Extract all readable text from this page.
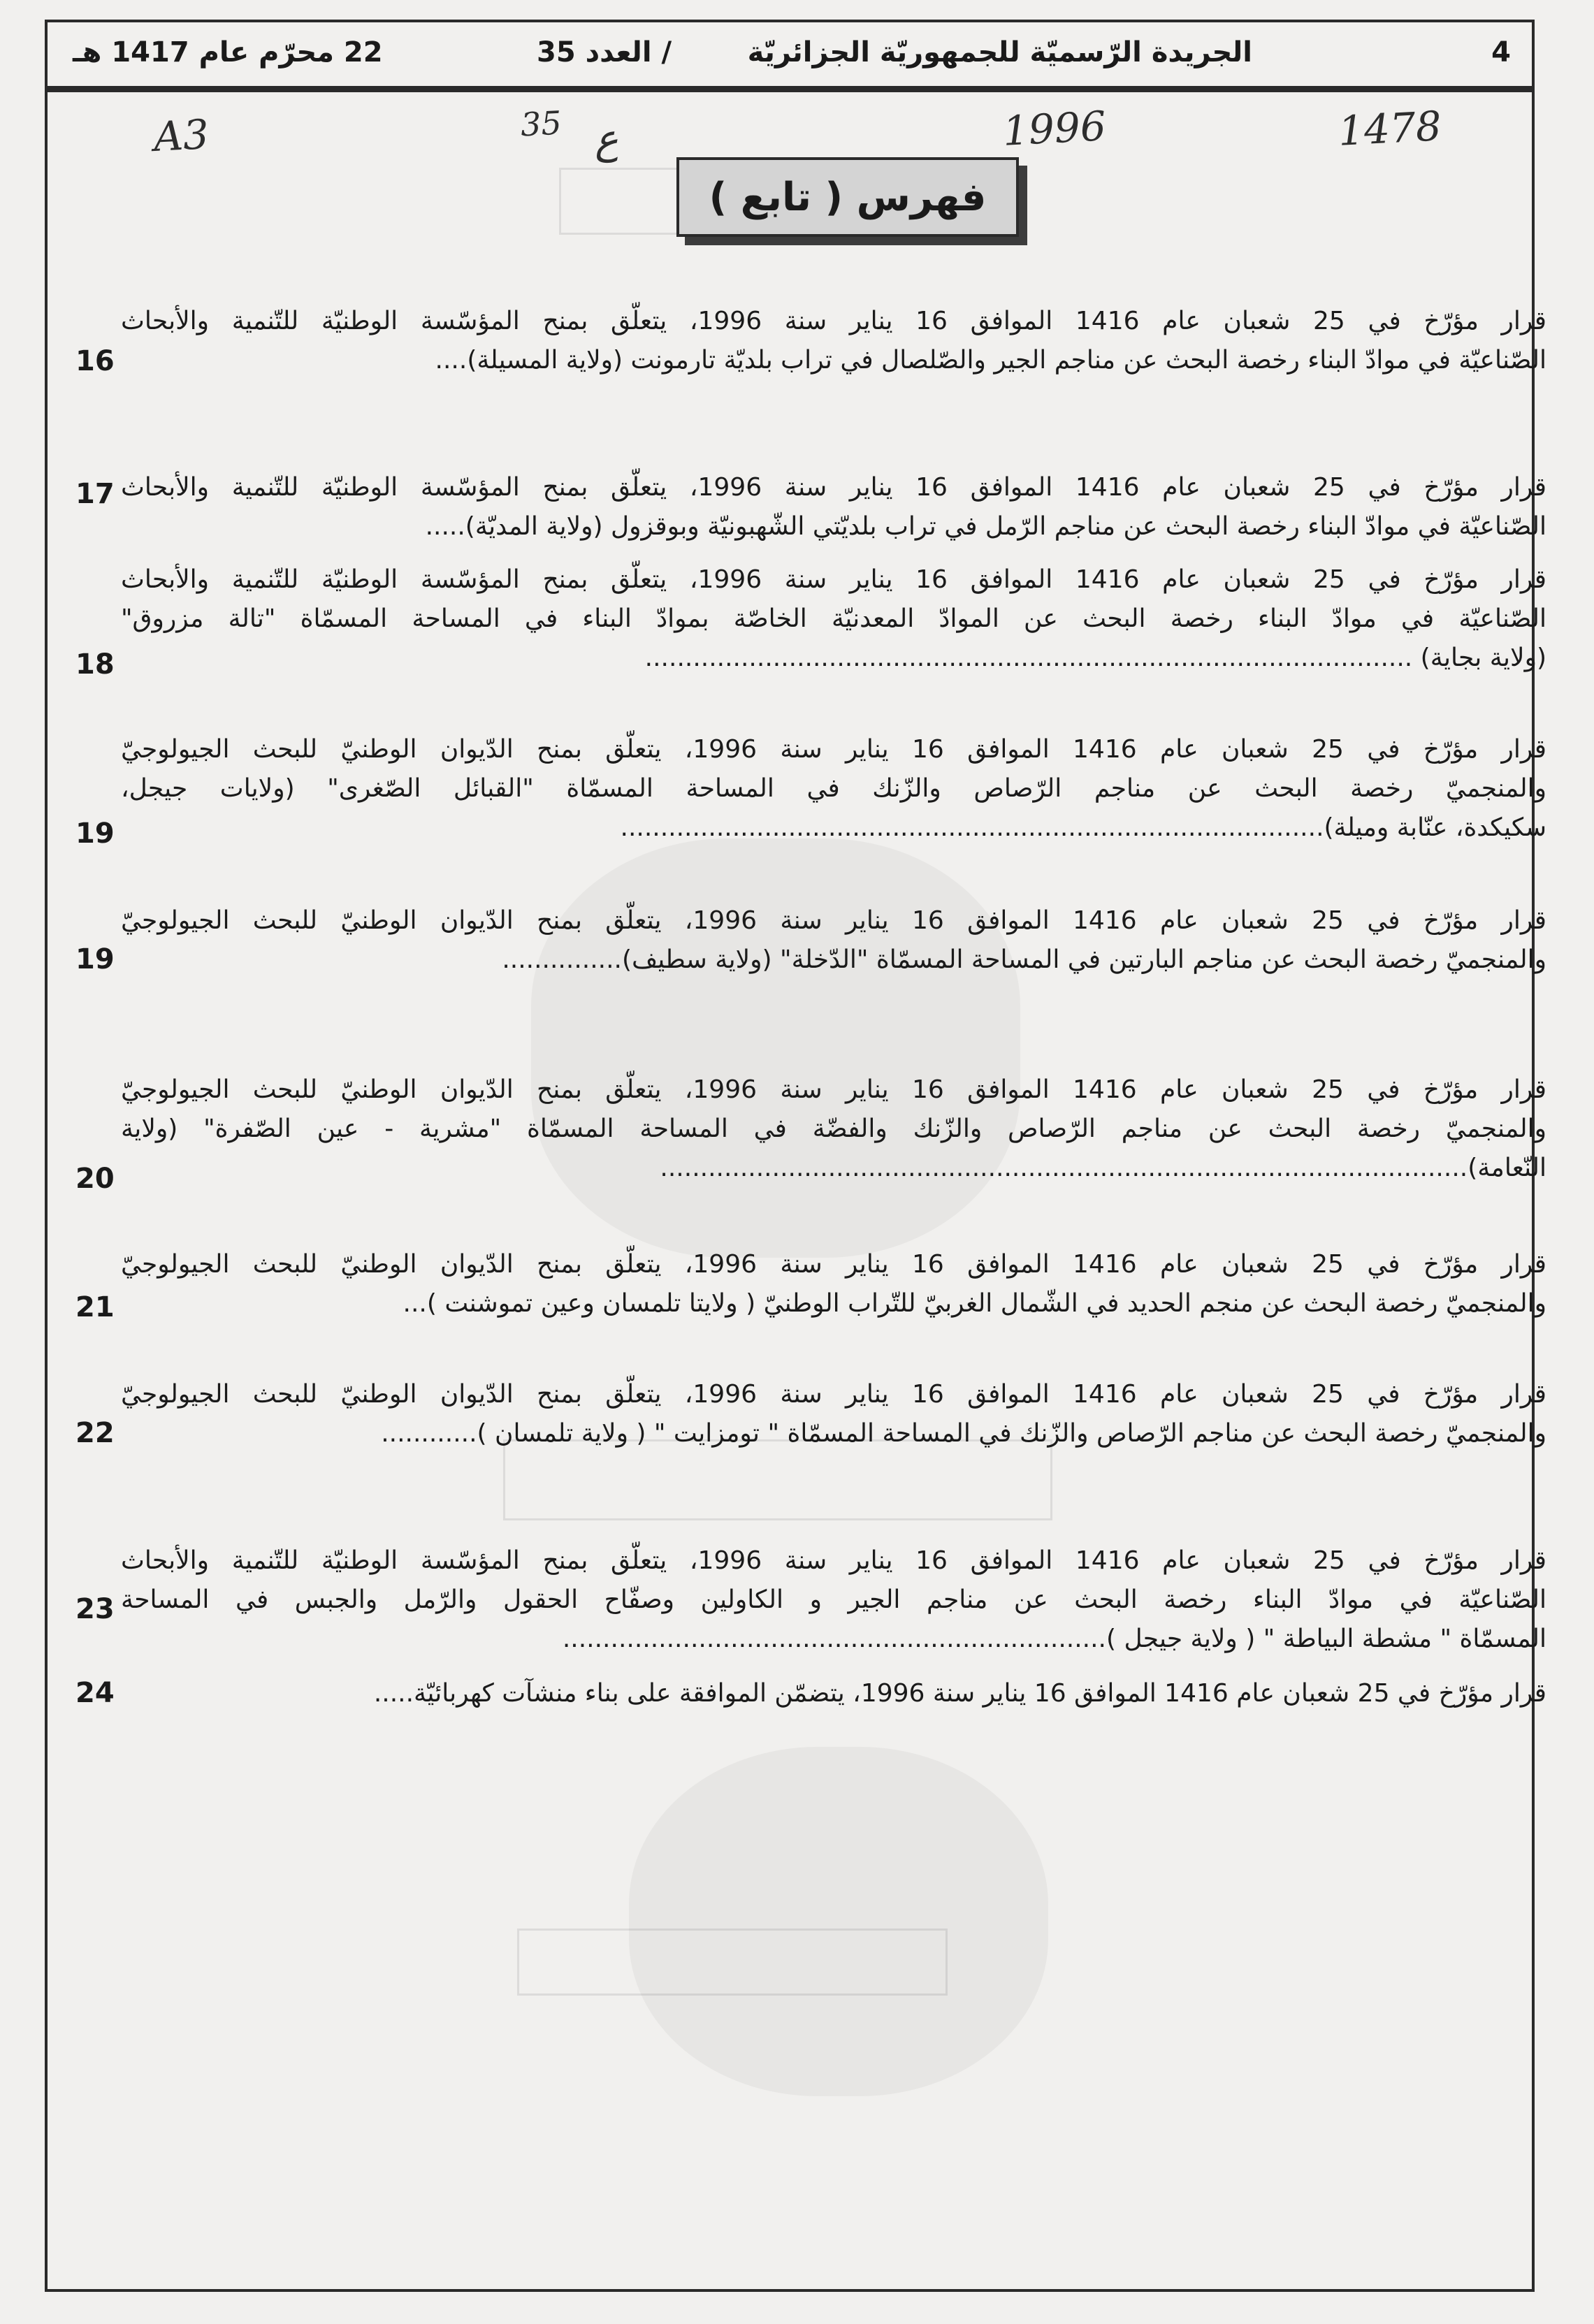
4
الجريدة الرّسميّة للجمهوريّة الجزائريّة
/ العدد 35
22 محرّم عام 1417 هـ
A3	35 ع	1996	1478
فهرس ( تابع )
قرار مؤرّخ في 25 شعبان عام 1416 الموافق 16 يناير سنة 1996، يتعلّق بمنح المؤسّسة الوطنيّة للتّنمية والأبحاث
الصّناعيّة في موادّ البناء رخصة البحث عن مناجم الجير والصّلصال في تراب بلديّة تارمونت (ولاية المسيلة)....
16
قرار مؤرّخ في 25 شعبان عام 1416 الموافق 16 يناير سنة 1996، يتعلّق بمنح المؤسّسة الوطنيّة للتّنمية والأبحاث
الصّناعيّة في موادّ البناء رخصة البحث عن مناجم الرّمل في تراب بلديّتي الشّهبونيّة وبوقزول (ولاية المديّة).....
17
قرار مؤرّخ في 25 شعبان عام 1416 الموافق 16 يناير سنة 1996، يتعلّق بمنح المؤسّسة الوطنيّة للتّنمية والأبحاث
الصّناعيّة في موادّ البناء رخصة البحث عن الموادّ المعدنيّة الخاصّة بموادّ البناء في المساحة المسمّاة "تالة مزروق"
(ولاية بجاية) ................................................................................................
18
قرار مؤرّخ في 25 شعبان عام 1416 الموافق 16 يناير سنة 1996، يتعلّق بمنح الدّيوان الوطنيّ للبحث الجيولوجيّ
والمنجميّ رخصة البحث عن مناجم الرّصاص والزّنك في المساحة المسمّاة "القبائل الصّغرى" (ولايات جيجل،
سكيكدة، عنّابة وميلة)........................................................................................
19
قرار مؤرّخ في 25 شعبان عام 1416 الموافق 16 يناير سنة 1996، يتعلّق بمنح الدّيوان الوطنيّ للبحث الجيولوجيّ
والمنجميّ رخصة البحث عن مناجم البارتين في المساحة المسمّاة "الدّخلة" (ولاية سطيف)...............
19
قرار مؤرّخ في 25 شعبان عام 1416 الموافق 16 يناير سنة 1996، يتعلّق بمنح الدّيوان الوطنيّ للبحث الجيولوجيّ
والمنجميّ رخصة البحث عن مناجم الرّصاص والزّنك والفضّة في المساحة المسمّاة "مشرية - عين الصّفرة" (ولاية
النّعامة).....................................................................................................
20
قرار مؤرّخ في 25 شعبان عام 1416 الموافق 16 يناير سنة 1996، يتعلّق بمنح الدّيوان الوطنيّ للبحث الجيولوجيّ
والمنجميّ رخصة البحث عن منجم الحديد في الشّمال الغربيّ للتّراب الوطنيّ ( ولايتا تلمسان وعين تموشنت )...
21
قرار مؤرّخ في 25 شعبان عام 1416 الموافق 16 يناير سنة 1996، يتعلّق بمنح الدّيوان الوطنيّ للبحث الجيولوجيّ
والمنجميّ رخصة البحث عن مناجم الرّصاص والزّنك في المساحة المسمّاة " تومزايت " ( ولاية تلمسان )............
22
قرار مؤرّخ في 25 شعبان عام 1416 الموافق 16 يناير سنة 1996، يتعلّق بمنح المؤسّسة الوطنيّة للتّنمية والأبحاث
الصّناعيّة في موادّ البناء رخصة البحث عن مناجم الجير و الكاولين وصفّاح الحقول والرّمل والجبس في المساحة
المسمّاة " مشطة البياطة " ( ولاية جيجل )....................................................................
23
قرار مؤرّخ في 25 شعبان عام 1416 الموافق 16 يناير سنة 1996، يتضمّن الموافقة على بناء منشآت كهربائيّة.....
24
